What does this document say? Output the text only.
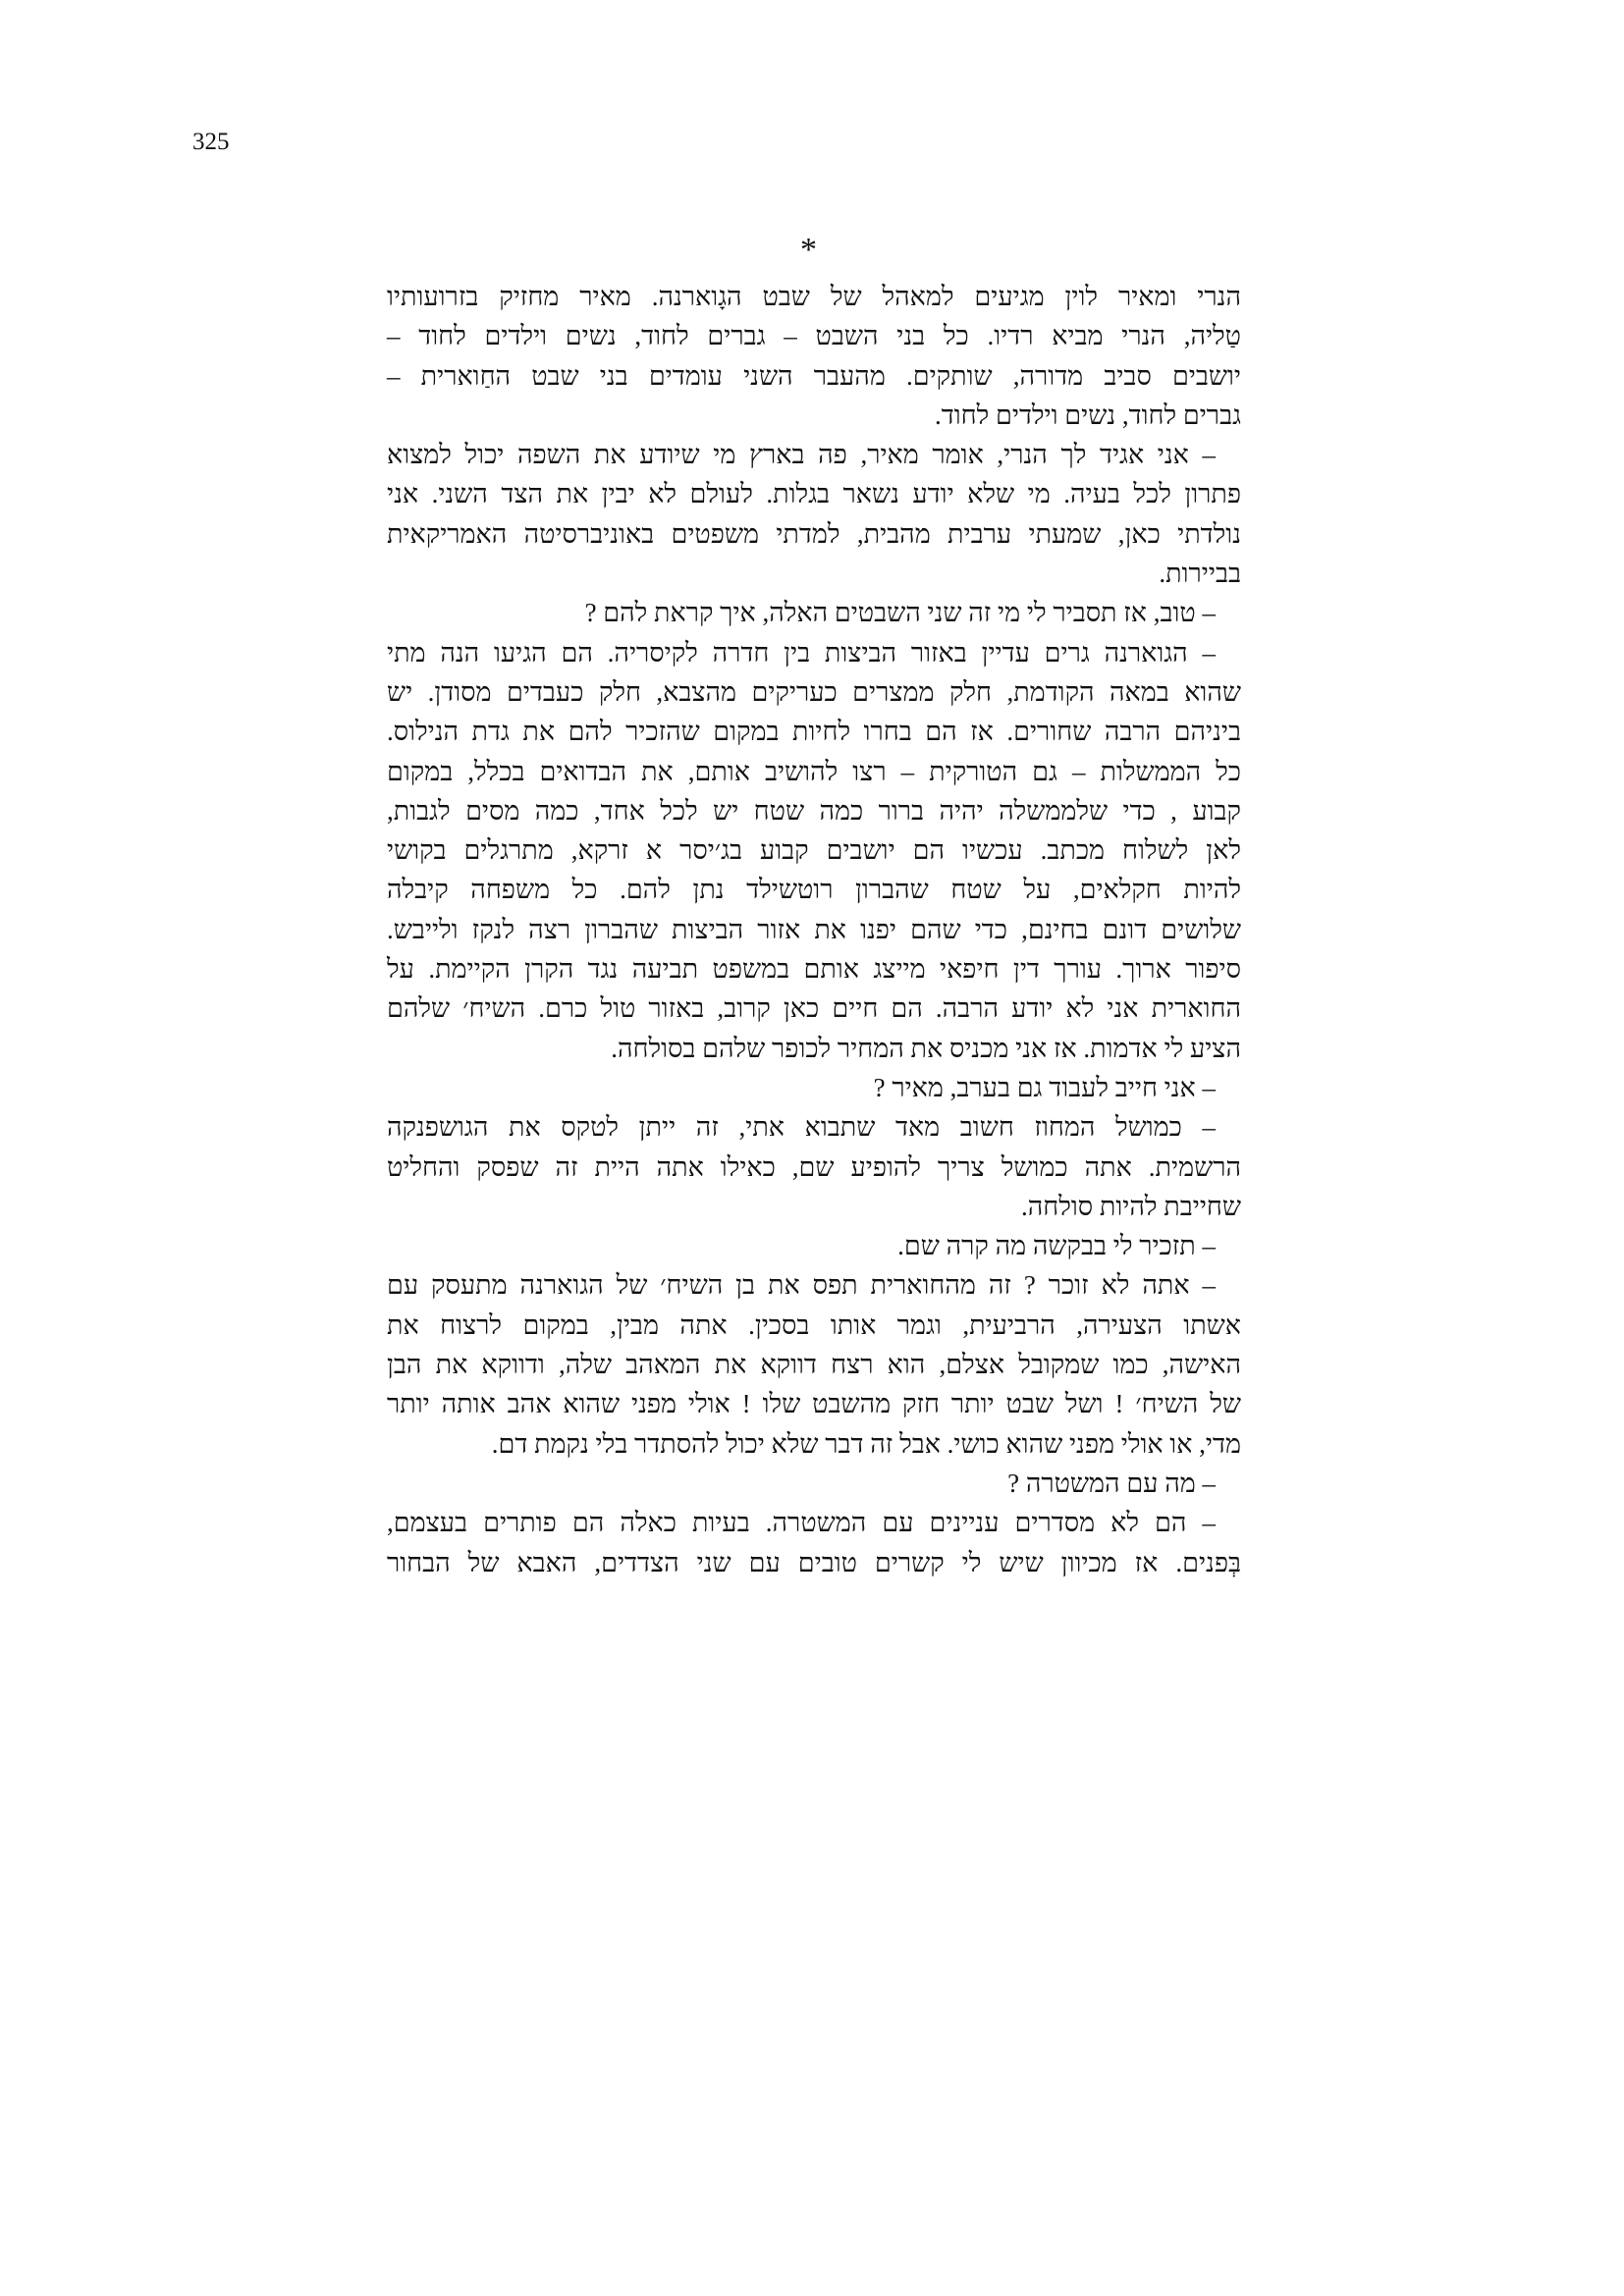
325
*
הנרי ומאיר לוין מגיעים למאהל של שבט הגָוארנה. מאיר מחזיק בזרועותיו
טַליה, הנרי מביא רדיו. כל בני השבט – גברים לחוד, נשים וילדים לחוד –
יושבים סביב מדורה, שותקים. מהעבר השני עומדים בני שבט החַוארית –
גברים לחוד, נשים וילדים לחוד.
– אני אגיד לך הנרי, אומר מאיר, פה בארץ מי שיודע את השפה יכול למצוא
פתרון לכל בעיה. מי שלא יודע נשאר בגלות. לעולם לא יבין את הצד השני. אני
נולדתי כאן, שמעתי ערבית מהבית, למדתי משפטים באוניברסיטה האמריקאית
בביירות.
– טוב, אז תסביר לי מי זה שני השבטים האלה, איך קראת להם ?
– הגוארנה גרים עדיין באזור הביצות בין חדרה לקיסריה. הם הגיעו הנה מתי
שהוא במאה הקודמת, חלק ממצרים כעריקים מהצבא, חלק כעבדים מסודן. יש
ביניהם הרבה שחורים. אז הם בחרו לחיות במקום שהזכיר להם את גדת הנילוס.
כל הממשלות – גם הטורקית – רצו להושיב אותם, את הבדואים בכלל, במקום
קבוע , כדי שלממשלה יהיה ברור כמה שטח יש לכל אחד, כמה מסים לגבות,
לאן לשלוח מכתב. עכשיו הם יושבים קבוע בג׳יסר א זרקא, מתרגלים בקושי
להיות חקלאים, על שטח שהברון רוטשילד נתן להם. כל משפחה קיבלה
שלושים דונם בחינם, כדי שהם יפנו את אזור הביצות שהברון רצה לנקז ולייבש.
סיפור ארוך. עורך דין חיפאי מייצג אותם במשפט תביעה נגד הקרן הקיימת. על
החוארית אני לא יודע הרבה. הם חיים כאן קרוב, באזור טול כרם. השיח׳ שלהם
הציע לי אדמות. אז אני מכניס את המחיר לכופר שלהם בסולחה.
– אני חייב לעבוד גם בערב, מאיר ?
– כמושל המחוז חשוב מאד שתבוא אתי, זה ייתן לטקס את הגושפנקה
הרשמית. אתה כמושל צריך להופיע שם, כאילו אתה היית זה שפסק והחליט
שחייבת להיות סולחה.
– תזכיר לי בבקשה מה קרה שם.
– אתה לא זוכר ? זה מהחוארית תפס את בן השיח׳ של הגוארנה מתעסק עם
אשתו הצעירה, הרביעית, וגמר אותו בסכין. אתה מבין, במקום לרצוח את
האישה, כמו שמקובל אצלם, הוא רצח דווקא את המאהב שלה, ודווקא את הבן
של השיח׳ ! ושל שבט יותר חזק מהשבט שלו ! אולי מפני שהוא אהב אותה יותר
מדי, או אולי מפני שהוא כושי. אבל זה דבר שלא יכול להסתדר בלי נקמת דם.
– מה עם המשטרה ?
– הם לא מסדרים עניינים עם המשטרה. בעיות כאלה הם פותרים בעצמם,
בְּפנים. אז מכיוון שיש לי קשרים טובים עם שני הצדדים, האבא של הבחור
